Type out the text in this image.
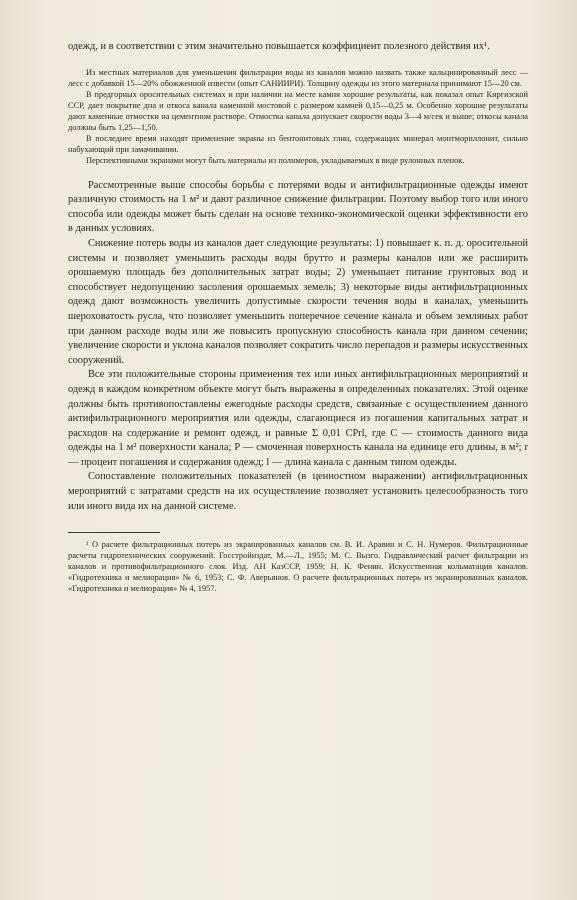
одежд, и в соответствии с этим значительно повышается коэффициент полезного действия их¹.

Из местных материалов для уменьшения фильтрации воды из каналов можно назвать также кальцинированный лесс — лесс с добавкой 15—20% обожженной извести (опыт САНИИРИ). Толщину одежды из этого материала принимают 15—20 см.

В предгорных оросительных системах и при наличии на месте камня хорошие результаты, как показал опыт Киргизской ССР, дает покрытие дна и откоса канала каменной мостовой с размером камней 0,15—0,25 м. Особенно хорошие результаты дают каменные отмостки на цементном растворе. Отмостка канала допускает скорости воды 3—4 м/сек и выше; откосы канала должны быть 1,25—1,50.

В последнее время находят применение экраны из бентонитовых глин, содержащих минерал монтмориллонит, сильно набухающий при замачивании.

Перспективными экранами могут быть материалы из полимеров, укладываемых в виде рулонных пленок.

Рассмотренные выше способы борьбы с потерями воды и антифильтрационные одежды имеют различную стоимость на 1 м² и дают различное снижение фильтрации. Поэтому выбор того или иного способа или одежды может быть сделан на основе технико-экономической оценки эффективности его в данных условиях.

Снижение потерь воды из каналов дает следующие результаты: 1) повышает к. п. д. оросительной системы и позволяет уменьшить расходы воды брутто и размеры каналов или же расширить орошаемую площадь без дополнительных затрат воды; 2) уменьшает питание грунтовых вод и способствует недопущению засоления орошаемых земель; 3) некоторые виды антифильтрационных одежд дают возможность увеличить допустимые скорости течения воды в каналах, уменьшить шероховатость русла, что позволяет уменьшить поперечное сечение канала и объем земляных работ при данном расходе воды или же повысить пропускную способность канала при данном сечении; увеличение скорости и уклона каналов позволяет сократить число перепадов и размеры искусственных сооружений.

Все эти положительные стороны применения тех или иных антифильтрационных мероприятий и одежд в каждом конкретном объекте могут быть выражены в определенных показателях. Этой оценке должны быть противопоставлены ежегодные расходы средств, связанные с осуществлением данного антифильтрационного мероприятия или одежды, слагающиеся из погашения капитальных затрат и расходов на содержание и ремонт одежд, и равные Σ 0,01 CPrl, где C — стоимость данного вида одежды на 1 м² поверхности канала; P — смоченная поверхность канала на единице его длины, в м²; r — процент погашения и содержания одежд; l — длина канала с данным типом одежды.

Сопоставление положительных показателей (в ценностном выражении) антифильтрационных мероприятий с затратами средств на их осуществление позволяет установить целесообразность того или иного вида их на данной системе.

¹ О расчете фильтрационных потерь из экранированных каналов см. В. И. Аравин и С. Н. Нумеров. Фильтрационные расчеты гидротехнических сооружений. Госстройиздат, М.—Л., 1955; М. С. Вызго. Гидравлический расчет фильтрации из каналов и противофильтрационного слоя. Изд. АН КазССР, 1959; Н. К. Фенин. Искусственная кольматация каналов. «Гидротехника и мелиорация» № 6, 1953; С. Ф. Аверьянов. О расчете фильтрационных потерь из экранированных каналов. «Гидротехника и мелиорация» № 4, 1957.
